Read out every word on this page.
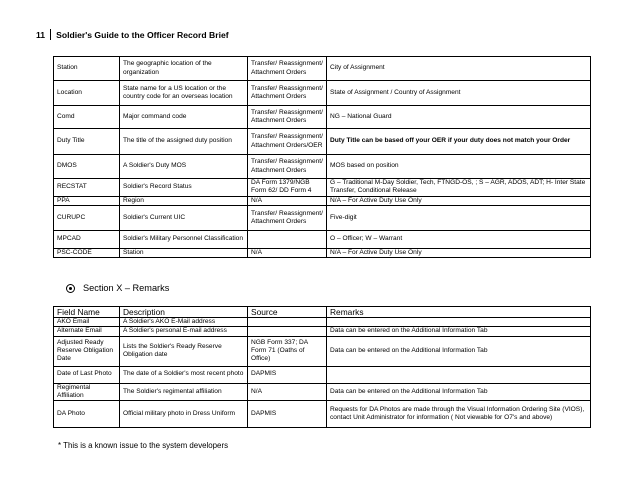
11 Soldier's Guide to the Officer Record Brief
Station	The geographic location of the organization	Transfer/ Reassignment/ Attachment Orders	City of Assignment
Location	State name for a US location or the country code for an overseas location	Transfer/ Reassignment/ Attachment Orders	State of Assignment / Country of Assignment
Comd	Major command code	Transfer/ Reassignment/ Attachment Orders	NG – National Guard
Duty Title	The title of the assigned duty position	Transfer/ Reassignment/ Attachment Orders/OER	Duty Title can be based off your OER if your duty does not match your Order
DMOS	A Soldier's Duty MOS	Transfer/ Reassignment/ Attachment Orders	MOS based on position
RECSTAT	Soldier's Record Status	DA Form 1379/NGB Form 62/ DD Form 4	G – Traditional M-Day Soldier, Tech, FTNGD-OS, ; S – AGR, ADOS, ADT; H- Inter State Transfer, Conditional Release
PPA	Region	N/A	N/A – For Active Duty Use Only
CURUPC	Soldier's Current UIC	Transfer/ Reassignment/ Attachment Orders	Five-digit
MPCAD	Soldier's Military Personnel Classification		O – Officer; W – Warrant
PSC-CODE	Station	N/A	N/A – For Active Duty Use Only
Section X – Remarks
Field Name	Description	Source	Remarks
AKO Email	A Soldier's AKO E-Mail address		
Alternate Email	A Soldier's personal E-mail address		Data can be entered on the Additional Information Tab
Adjusted Ready Reserve Obligation Date	Lists the Soldier's Ready Reserve Obligation date	NGB Form 337; DA Form 71 (Oaths of Office)	Data can be entered on the Additional Information Tab
Date of Last Photo	The date of a Soldier's most recent photo	DAPMIS	
Regimental Affiliation	The Soldier's regimental affiliation	N/A	Data can be entered on the Additional Information Tab
DA Photo	Official military photo in Dress Uniform	DAPMIS	Requests for DA Photos are made through the Visual Information Ordering Site (VIOS), contact Unit Administrator for information ( Not viewable for O7's and above)
* This is a known issue to the system developers
